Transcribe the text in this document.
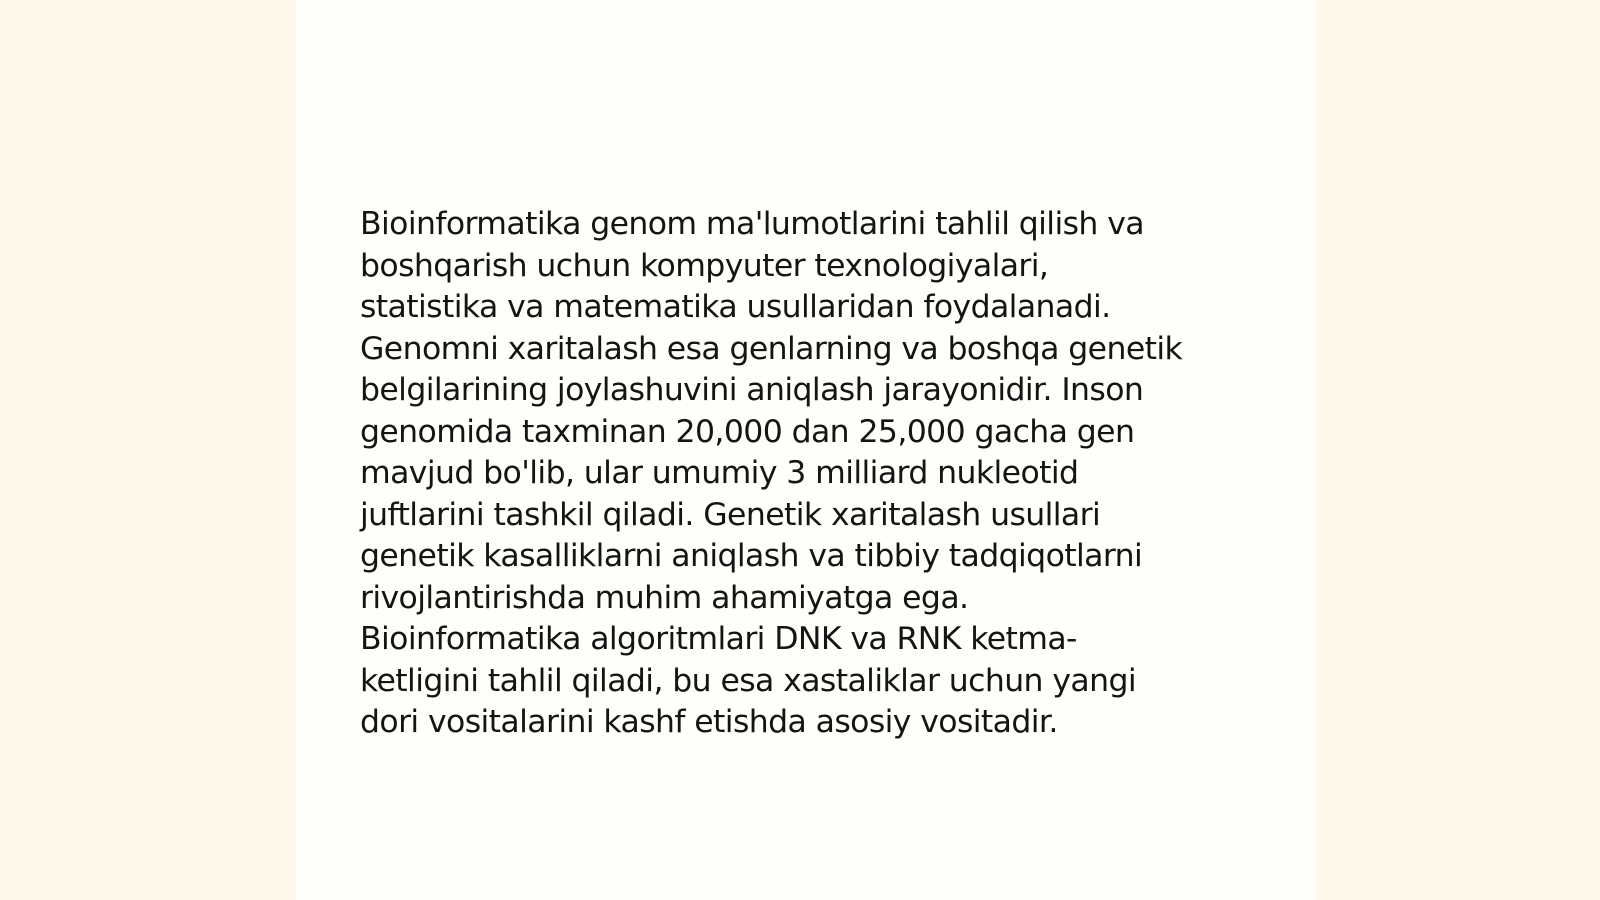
Bioinformatika genom ma'lumotlarini tahlil qilish va
boshqarish uchun kompyuter texnologiyalari,
statistika va matematika usullaridan foydalanadi.
Genomni xaritalash esa genlarning va boshqa genetik
belgilarining joylashuvini aniqlash jarayonidir. Inson
genomida taxminan 20,000 dan 25,000 gacha gen
mavjud bo'lib, ular umumiy 3 milliard nukleotid
juftlarini tashkil qiladi. Genetik xaritalash usullari
genetik kasalliklarni aniqlash va tibbiy tadqiqotlarni
rivojlantirishda muhim ahamiyatga ega.
Bioinformatika algoritmlari DNK va RNK ketma-
ketligini tahlil qiladi, bu esa xastaliklar uchun yangi
dori vositalarini kashf etishda asosiy vositadir.
